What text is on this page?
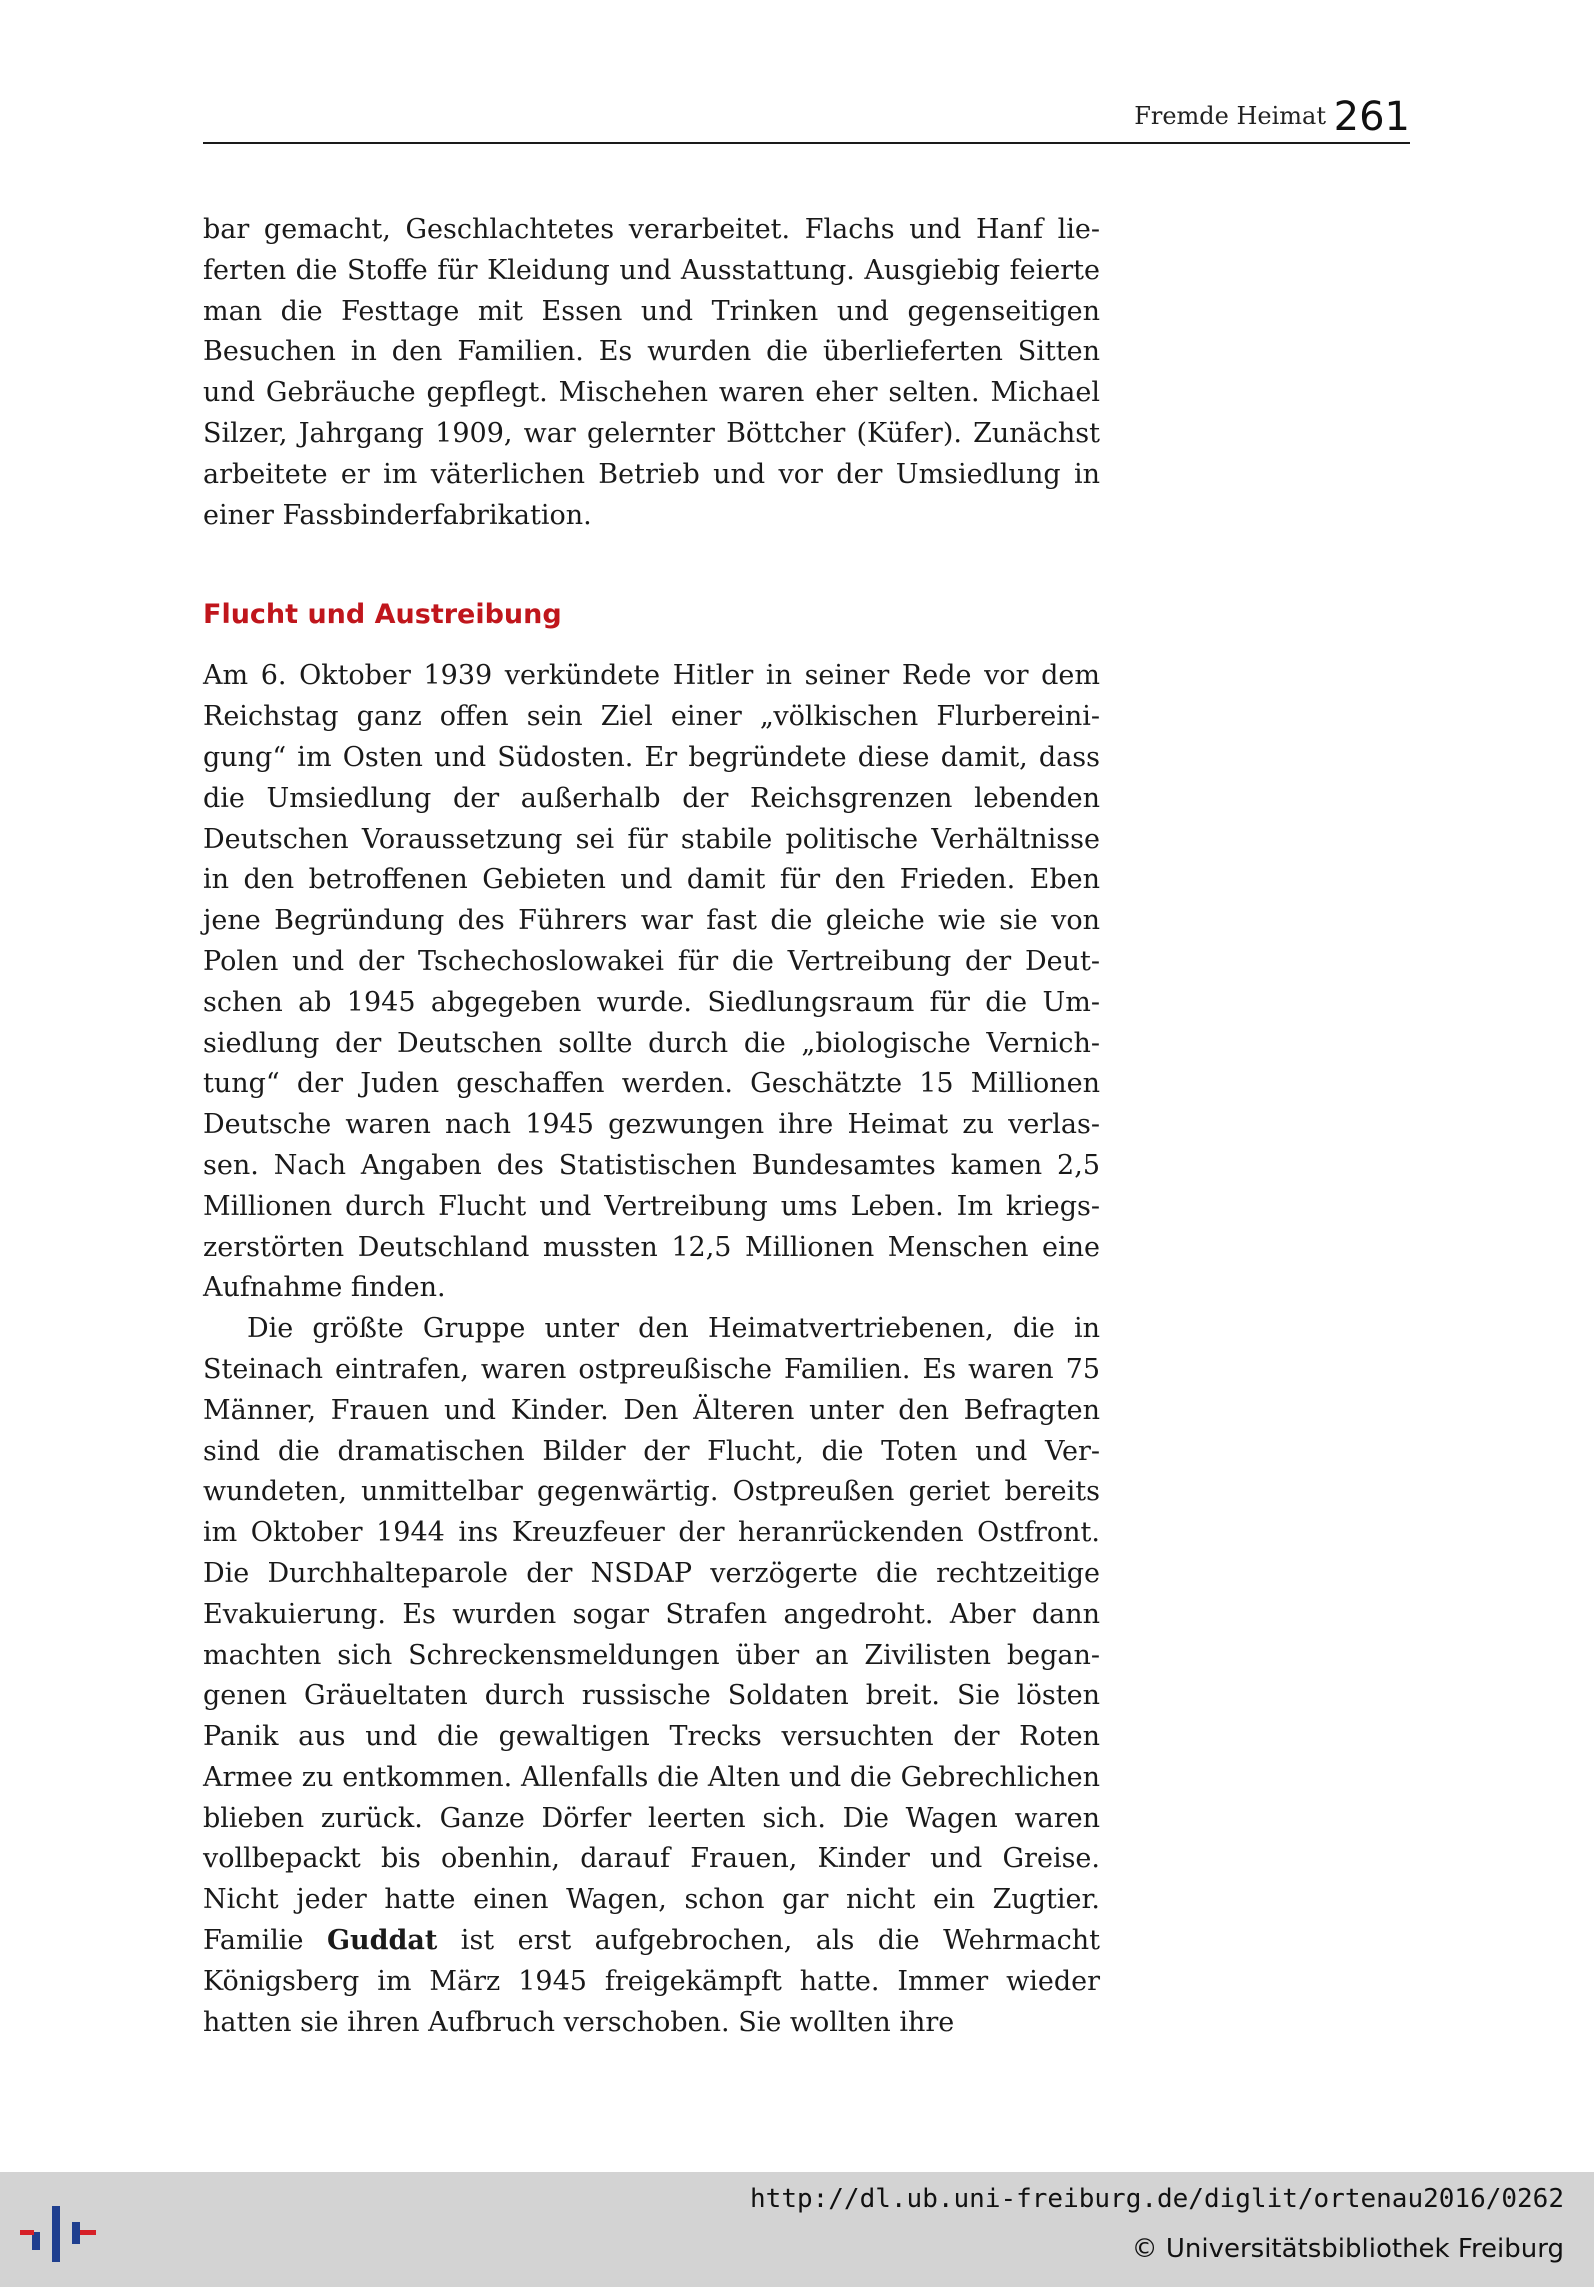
Fremde Heimat 261

bar gemacht, Geschlachtetes verarbeitet. Flachs und Hanf lieferten die Stoffe für Kleidung und Ausstattung. Ausgiebig feierte man die Festtage mit Essen und Trinken und gegenseitigen Besuchen in den Familien. Es wurden die überlieferten Sitten und Gebräuche gepflegt. Mischehen waren eher selten. Michael Silzer, Jahrgang 1909, war gelernter Böttcher (Küfer). Zunächst arbeitete er im väterlichen Betrieb und vor der Umsiedlung in einer Fassbinderfabrikation.

Flucht und Austreibung

Am 6. Oktober 1939 verkündete Hitler in seiner Rede vor dem Reichstag ganz offen sein Ziel einer „völkischen Flurbereinigung“ im Osten und Südosten. Er begründete diese damit, dass die Umsiedlung der außerhalb der Reichsgrenzen lebenden Deutschen Voraussetzung sei für stabile politische Verhältnisse in den betroffenen Gebieten und damit für den Frieden. Eben jene Begründung des Führers war fast die gleiche wie sie von Polen und der Tschechoslowakei für die Vertreibung der Deutschen ab 1945 abgegeben wurde. Siedlungsraum für die Umsiedlung der Deutschen sollte durch die „biologische Vernichtung“ der Juden geschaffen werden. Geschätzte 15 Millionen Deutsche waren nach 1945 gezwungen ihre Heimat zu verlassen. Nach Angaben des Statistischen Bundesamtes kamen 2,5 Millionen durch Flucht und Vertreibung ums Leben. Im kriegszerstörten Deutschland mussten 12,5 Millionen Menschen eine Aufnahme finden.

Die größte Gruppe unter den Heimatvertriebenen, die in Steinach eintrafen, waren ostpreußische Familien. Es waren 75 Männer, Frauen und Kinder. Den Älteren unter den Befragten sind die dramatischen Bilder der Flucht, die Toten und Verwundeten, unmittelbar gegenwärtig. Ostpreußen geriet bereits im Oktober 1944 ins Kreuzfeuer der heranrückenden Ostfront. Die Durchhalteparole der NSDAP verzögerte die rechtzeitige Evakuierung. Es wurden sogar Strafen angedroht. Aber dann machten sich Schreckensmeldungen über an Zivilisten begangenen Gräueltaten durch russische Soldaten breit. Sie lösten Panik aus und die gewaltigen Trecks versuchten der Roten Armee zu entkommen. Allenfalls die Alten und die Gebrechlichen blieben zurück. Ganze Dörfer leerten sich. Die Wagen waren vollbepackt bis obenhin, darauf Frauen, Kinder und Greise. Nicht jeder hatte einen Wagen, schon gar nicht ein Zugtier. Familie Guddat ist erst aufgebrochen, als die Wehrmacht Königsberg im März 1945 freigekämpft hatte. Immer wieder hatten sie ihren Aufbruch verschoben. Sie wollten ihre

http://dl.ub.uni-freiburg.de/diglit/ortenau2016/0262
© Universitätsbibliothek Freiburg
